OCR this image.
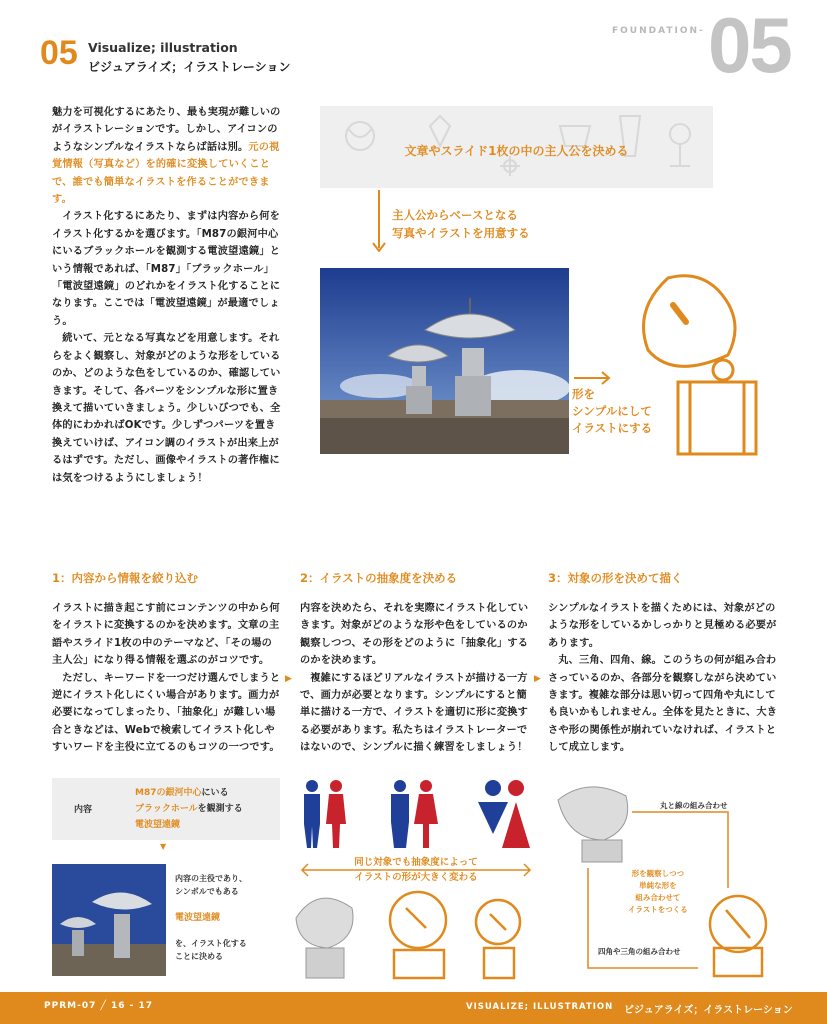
FOUNDATION- 05
05 Visualize; illustration
ビジュアライズ；イラストレーション

魅力を可視化するにあたり、最も実現が難しいのがイラストレーションです。しかし、アイコンのようなシンプルなイラストならば話は別。元の視覚情報（写真など）を的確に変換していくことで、誰でも簡単なイラストを作ることができます。

イラスト化するにあたり、まずは内容から何をイラスト化するかを選びます。「M87の銀河中心にいるブラックホールを観測する電波望遠鏡」という情報であれば、「M87」「ブラックホール」「電波望遠鏡」のどれかをイラスト化することになります。ここでは「電波望遠鏡」が最適でしょう。

続いて、元となる写真などを用意します。それらをよく観察し、対象がどのような形をしているのか、どのような色をしているのか、確認していきます。そして、各パーツをシンプルな形に置き換えて描いていきましょう。少しいびつでも、全体的にわかればOKです。少しずつパーツを置き換えていけば、アイコン調のイラストが出来上がるはずです。ただし、画像やイラストの著作権には気をつけるようにしましょう！

文章やスライド1枚の中の主人公を決める
主人公からベースとなる
写真やイラストを用意する
形を
シンプルにして
イラストにする
1：内容から情報を絞り込む	2：イラストの抽象度を決める	3：対象の形を決めて描く

イラストに描き起こす前にコンテンツの中から何をイラストに変換するのかを決めます。文章の主語やスライド1枚の中のテーマなど、「その場の主人公」になり得る情報を選ぶのがコツです。

ただし、キーワードを一つだけ選んでしまうと逆にイラスト化しにくい場合があります。画力が必要になってしまったり、「抽象化」が難しい場合ときなどは、Webで検索してイラスト化しやすいワードを主役に立てるのもコツの一つです。

内容を決めたら、それを実際にイラスト化していきます。対象がどのような形や色をしているのか観察しつつ、その形をどのように「抽象化」するのかを決めます。

複雑にするほどリアルなイラストが描ける一方で、画力が必要となります。シンプルにすると簡単に描ける一方で、イラストを適切に形に変換する必要があります。私たちはイラストレーターではないので、シンプルに描く練習をしましょう！

シンプルなイラストを描くためには、対象がどのような形をしているかしっかりと見極める必要があります。

丸、三角、四角、線。このうちの何が組み合わさっているのか、各部分を観察しながら決めていきます。複雑な部分は思い切って四角や丸にしても良いかもしれません。全体を見たときに、大きさや形の関係性が崩れていなければ、イラストとして成立します。

▶	▶
内容
M87の銀河中心にいる
ブラックホールを観測する
電波望遠鏡
▼
内容の主役であり、
シンボルでもある
電波望遠鏡
を、イラスト化する
ことに決める
同じ対象でも抽象度によって
イラストの形が大きく変わる
丸と線の組み合わせ
形を観察しつつ
単純な形を
組み合わせて
イラストをつくる
四角や三角の組み合わせ
PPRM-07 ╱ 16 - 17	VISUALIZE; ILLUSTRATION ビジュアライズ；イラストレーション
